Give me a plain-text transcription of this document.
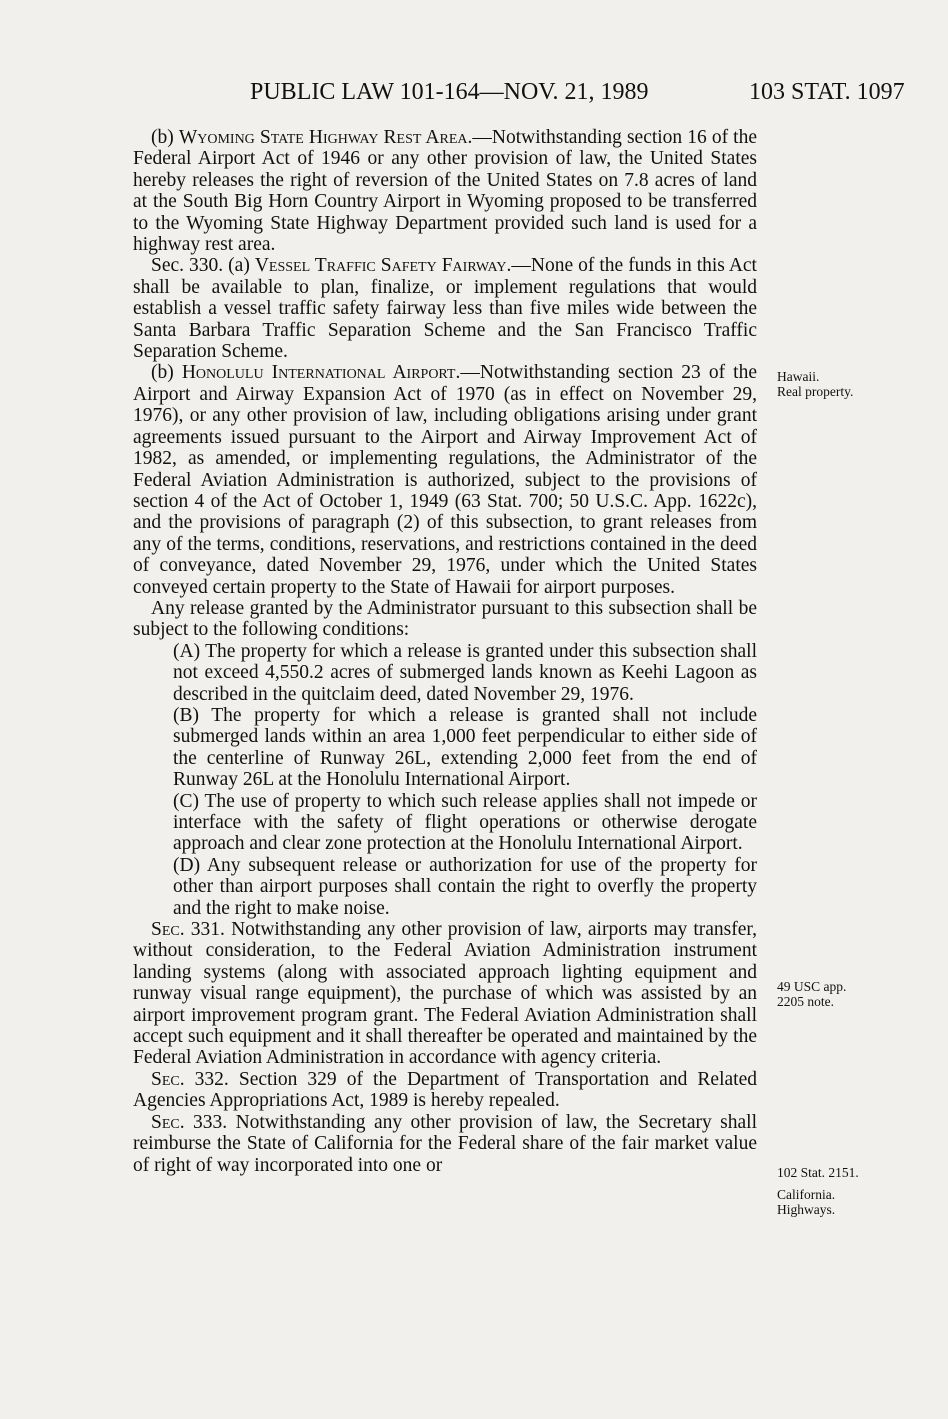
PUBLIC LAW 101-164—NOV. 21, 1989	103 STAT. 1097

(b) Wyoming State Highway Rest Area.—Notwithstanding section 16 of the Federal Airport Act of 1946 or any other provision of law, the United States hereby releases the right of reversion of the United States on 7.8 acres of land at the South Big Horn Country Airport in Wyoming proposed to be transferred to the Wyoming State Highway Department provided such land is used for a highway rest area.

Sec. 330. (a) Vessel Traffic Safety Fairway.—None of the funds in this Act shall be available to plan, finalize, or implement regulations that would establish a vessel traffic safety fairway less than five miles wide between the Santa Barbara Traffic Separation Scheme and the San Francisco Traffic Separation Scheme.

(b) Honolulu International Airport.—Notwithstanding section 23 of the Airport and Airway Expansion Act of 1970 (as in effect on November 29, 1976), or any other provision of law, including obligations arising under grant agreements issued pursuant to the Airport and Airway Improvement Act of 1982, as amended, or implementing regulations, the Administrator of the Federal Aviation Administration is authorized, subject to the provisions of section 4 of the Act of October 1, 1949 (63 Stat. 700; 50 U.S.C. App. 1622c), and the provisions of paragraph (2) of this subsection, to grant releases from any of the terms, conditions, reservations, and restrictions contained in the deed of conveyance, dated November 29, 1976, under which the United States conveyed certain property to the State of Hawaii for airport purposes.

Any release granted by the Administrator pursuant to this subsection shall be subject to the following conditions:

(A) The property for which a release is granted under this subsection shall not exceed 4,550.2 acres of submerged lands known as Keehi Lagoon as described in the quitclaim deed, dated November 29, 1976.

(B) The property for which a release is granted shall not include submerged lands within an area 1,000 feet perpendicular to either side of the centerline of Runway 26L, extending 2,000 feet from the end of Runway 26L at the Honolulu International Airport.

(C) The use of property to which such release applies shall not impede or interface with the safety of flight operations or otherwise derogate approach and clear zone protection at the Honolulu International Airport.

(D) Any subsequent release or authorization for use of the property for other than airport purposes shall contain the right to overfly the property and the right to make noise.

Sec. 331. Notwithstanding any other provision of law, airports may transfer, without consideration, to the Federal Aviation Administration instrument landing systems (along with associated approach lighting equipment and runway visual range equipment), the purchase of which was assisted by an airport improvement program grant. The Federal Aviation Administration shall accept such equipment and it shall thereafter be operated and maintained by the Federal Aviation Administration in accordance with agency criteria.

Sec. 332. Section 329 of the Department of Transportation and Related Agencies Appropriations Act, 1989 is hereby repealed.

Sec. 333. Notwithstanding any other provision of law, the Secretary shall reimburse the State of California for the Federal share of the fair market value of right of way incorporated into one or

Hawaii.
Real property.
49 USC app.
2205 note.
102 Stat. 2151.
California.
Highways.
